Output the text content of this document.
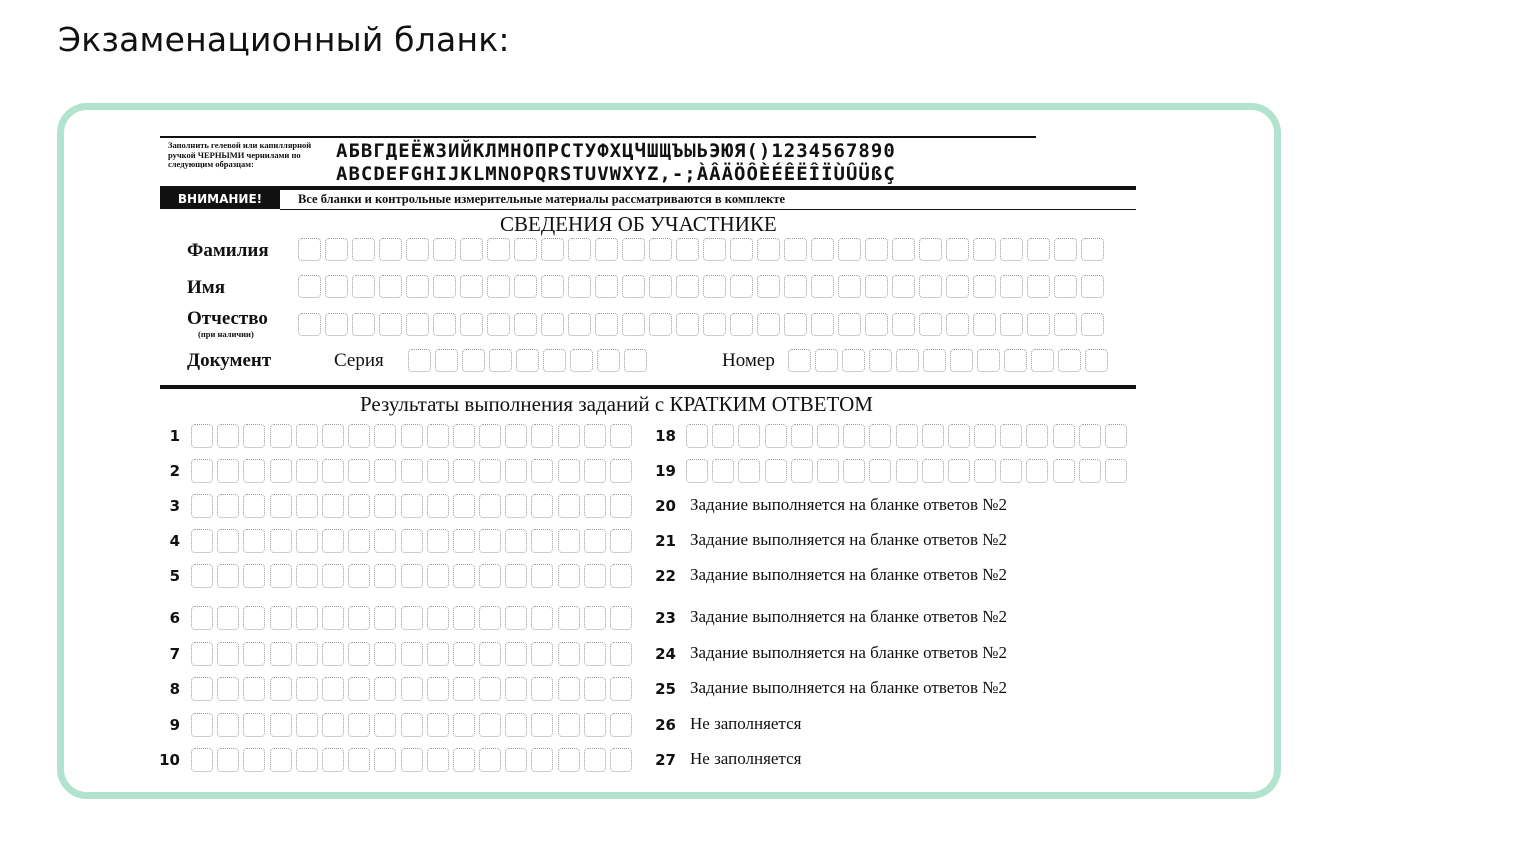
Экзаменационный бланк:
Заполнить гелевой или капиллярной ручкой ЧЕРНЫМИ чернилами по следующим образцам:
АБВГДЕЁЖЗИЙКЛМНОПРСТУФХЦЧШЩЪЫЬЭЮЯ()1234567890
ABCDEFGHIJKLMNOPQRSTUVWXYZ,-;ÀÂÄÖÔÈÉÊËÎÏÙÛÜßÇ
ВНИМАНИЕ!	Все бланки и контрольные измерительные материалы рассматриваются в комплекте
СВЕДЕНИЯ ОБ УЧАСТНИКЕ
Фамилия
Имя
Отчество
(при наличии)
Документ	Серия	Номер
Результаты выполнения заданий с КРАТКИМ ОТВЕТОМ
1
2
3
4
5
6
7
8
9
10
18
19
20 Задание выполняется на бланке ответов №2
21 Задание выполняется на бланке ответов №2
22 Задание выполняется на бланке ответов №2
23 Задание выполняется на бланке ответов №2
24 Задание выполняется на бланке ответов №2
25 Задание выполняется на бланке ответов №2
26 Не заполняется
27 Не заполняется
